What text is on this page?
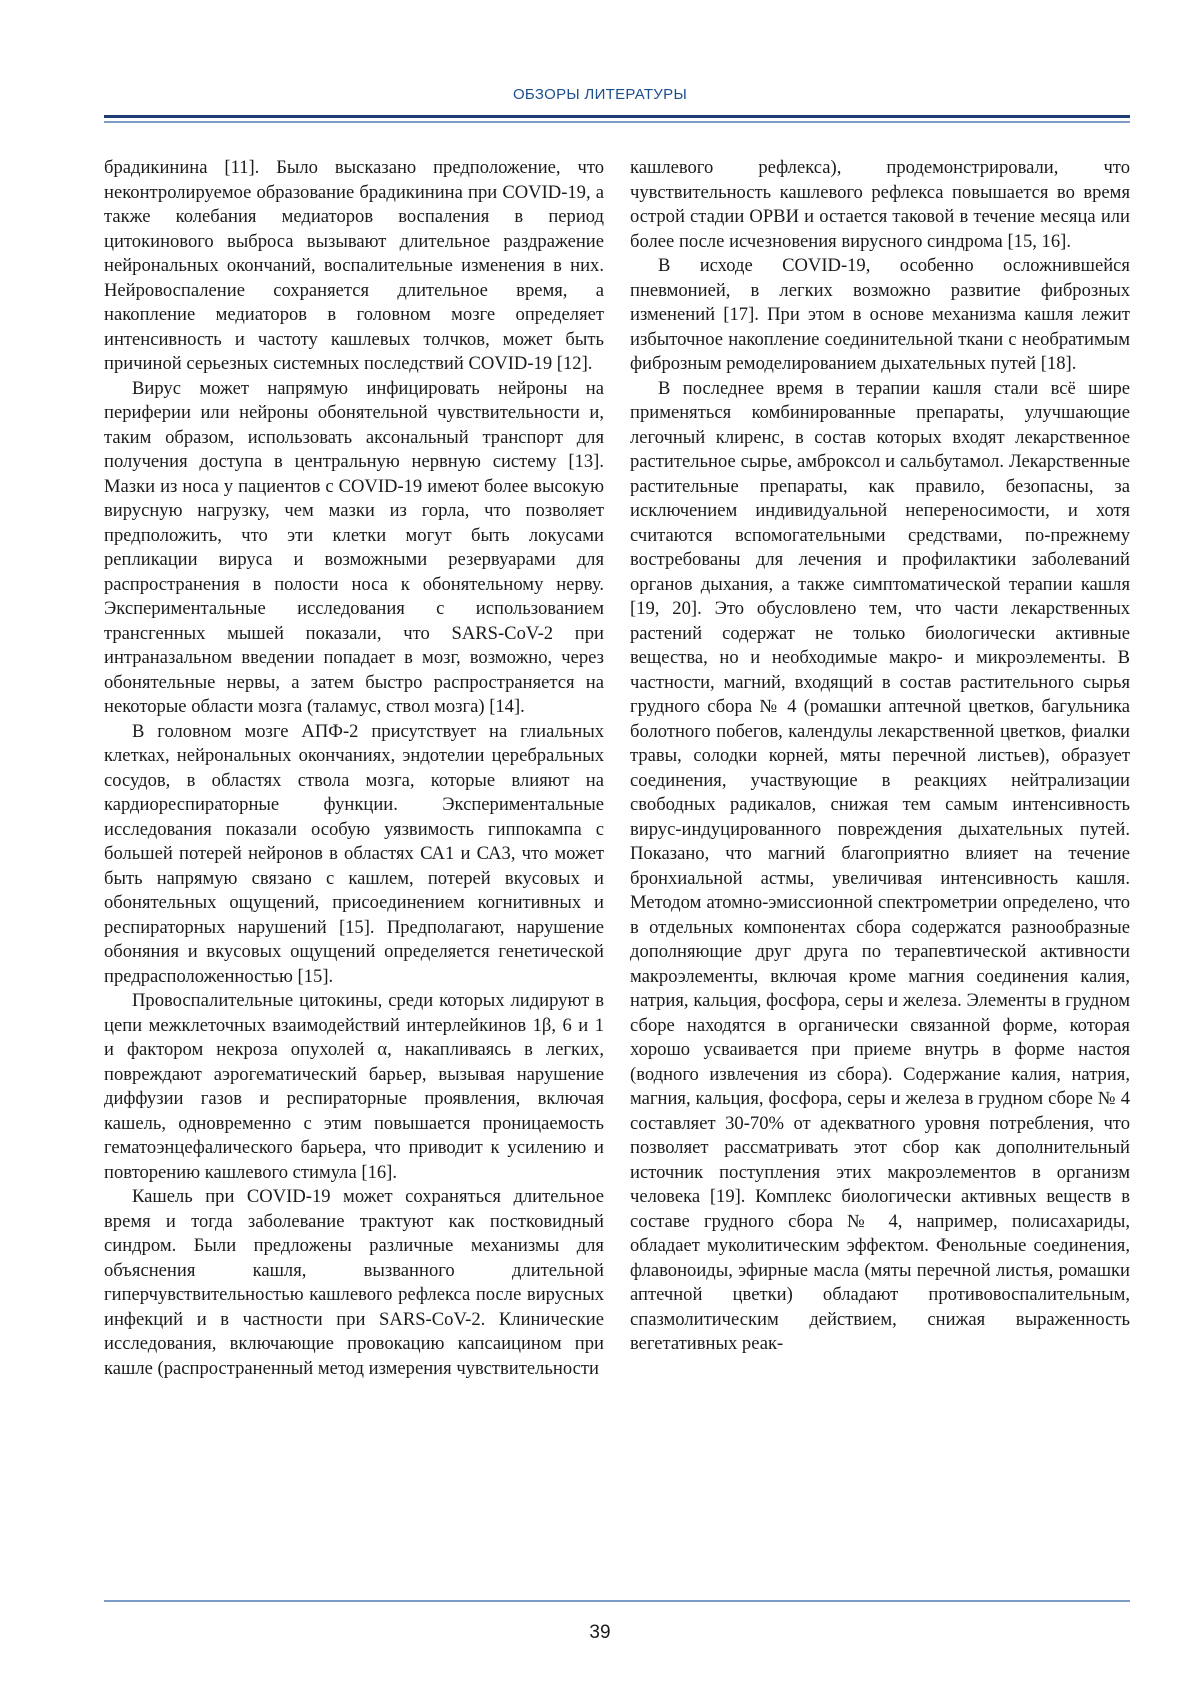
ОБЗОРЫ ЛИТЕРАТУРЫ

брадикинина [11]. Было высказано предположение, что неконтролируемое образование брадикинина при COVID-19, а также колебания медиаторов воспаления в период цитокинового выброса вызывают длительное раздражение нейрональных окончаний, воспалительные изменения в них. Нейровоспаление сохраняется длительное время, а накопление медиаторов в головном мозге определяет интенсивность и частоту кашлевых толчков, может быть причиной серьезных системных последствий COVID-19 [12].

Вирус может напрямую инфицировать нейроны на периферии или нейроны обонятельной чувствительности и, таким образом, использовать аксональный транспорт для получения доступа в центральную нервную систему [13]. Мазки из носа у пациентов с COVID-19 имеют более высокую вирусную нагрузку, чем мазки из горла, что позволяет предположить, что эти клетки могут быть локусами репликации вируса и возможными резервуарами для распространения в полости носа к обонятельному нерву. Экспериментальные исследования с использованием трансгенных мышей показали, что SARS-CoV-2 при интраназальном введении попадает в мозг, возможно, через обонятельные нервы, а затем быстро распространяется на некоторые области мозга (таламус, ствол мозга) [14].

В головном мозге АПФ-2 присутствует на глиальных клетках, нейрональных окончаниях, эндотелии церебральных сосудов, в областях ствола мозга, которые влияют на кардиореспираторные функции. Экспериментальные исследования показали особую уязвимость гиппокампа с большей потерей нейронов в областях СА1 и СА3, что может быть напрямую связано с кашлем, потерей вкусовых и обонятельных ощущений, присоединением когнитивных и респираторных нарушений [15]. Предполагают, нарушение обоняния и вкусовых ощущений определяется генетической предрасположенностью [15].

Провоспалительные цитокины, среди которых лидируют в цепи межклеточных взаимодействий интерлейкинов 1β, 6 и 1 и фактором некроза опухолей α, накапливаясь в легких, повреждают аэрогематический барьер, вызывая нарушение диффузии газов и респираторные проявления, включая кашель, одновременно с этим повышается проницаемость гематоэнцефалического барьера, что приводит к усилению и повторению кашлевого стимула [16].

Кашель при COVID-19 может сохраняться длительное время и тогда заболевание трактуют как постковидный синдром. Были предложены различные механизмы для объяснения кашля, вызванного длительной гиперчувствительностью кашлевого рефлекса после вирусных инфекций и в частности при SARS-CoV-2. Клинические исследования, включающие провокацию капсаицином при кашле (распространенный метод измерения чувствительности

кашлевого рефлекса), продемонстрировали, что чувствительность кашлевого рефлекса повышается во время острой стадии ОРВИ и остается таковой в течение месяца или более после исчезновения вирусного синдрома [15, 16].

В исходе COVID-19, особенно осложнившейся пневмонией, в легких возможно развитие фиброзных изменений [17]. При этом в основе механизма кашля лежит избыточное накопление соединительной ткани с необратимым фиброзным ремоделированием дыхательных путей [18].

В последнее время в терапии кашля стали всё шире применяться комбинированные препараты, улучшающие легочный клиренс, в состав которых входят лекарственное растительное сырье, амброксол и сальбутамол. Лекарственные растительные препараты, как правило, безопасны, за исключением индивидуальной непереносимости, и хотя считаются вспомогательными средствами, по-прежнему востребованы для лечения и профилактики заболеваний органов дыхания, а также симптоматической терапии кашля [19, 20]. Это обусловлено тем, что части лекарственных растений содержат не только биологически активные вещества, но и необходимые макро- и микроэлементы. В частности, магний, входящий в состав растительного сырья грудного сбора № 4 (ромашки аптечной цветков, багульника болотного побегов, календулы лекарственной цветков, фиалки травы, солодки корней, мяты перечной листьев), образует соединения, участвующие в реакциях нейтрализации свободных радикалов, снижая тем самым интенсивность вирус-индуцированного повреждения дыхательных путей. Показано, что магний благоприятно влияет на течение бронхиальной астмы, увеличивая интенсивность кашля. Методом атомно-эмиссионной спектрометрии определено, что в отдельных компонентах сбора содержатся разнообразные дополняющие друг друга по терапевтической активности макроэлементы, включая кроме магния соединения калия, натрия, кальция, фосфора, серы и железа. Элементы в грудном сборе находятся в органически связанной форме, которая хорошо усваивается при приеме внутрь в форме настоя (водного извлечения из сбора). Содержание калия, натрия, магния, кальция, фосфора, серы и железа в грудном сборе № 4 составляет 30-70% от адекватного уровня потребления, что позволяет рассматривать этот сбор как дополнительный источник поступления этих макроэлементов в организм человека [19]. Комплекс биологически активных веществ в составе грудного сбора № 4, например, полисахариды, обладает муколитическим эффектом. Фенольные соединения, флавоноиды, эфирные масла (мяты перечной листья, ромашки аптечной цветки) обладают противовоспалительным, спазмолитическим действием, снижая выраженность вегетативных реак-

39
